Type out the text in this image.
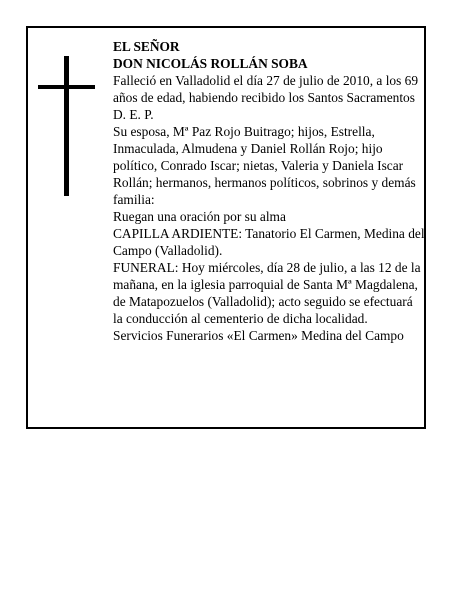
EL SEÑOR

DON NICOLÁS ROLLÁN SOBA

Falleció en Valladolid el día 27 de julio de 2010, a los 69 años de edad, habiendo recibido los Santos Sacramentos

D. E. P.

Su esposa, Mª Paz Rojo Buitrago; hijos, Estrella, Inmaculada, Almudena y Daniel Rollán Rojo; hijo político, Conrado Iscar; nietas, Valeria y Daniela Iscar Rollán; hermanos, hermanos políticos, sobrinos y demás familia:

Ruegan una oración por su alma

CAPILLA ARDIENTE: Tanatorio El Carmen, Medina del Campo (Valladolid).

FUNERAL: Hoy miércoles, día 28 de julio, a las 12 de la mañana, en la iglesia parroquial de Santa Mª Magdalena, de Matapozuelos (Valladolid); acto seguido se efectuará la conducción al cementerio de dicha localidad.

Servicios Funerarios «El Carmen» Medina del Campo
